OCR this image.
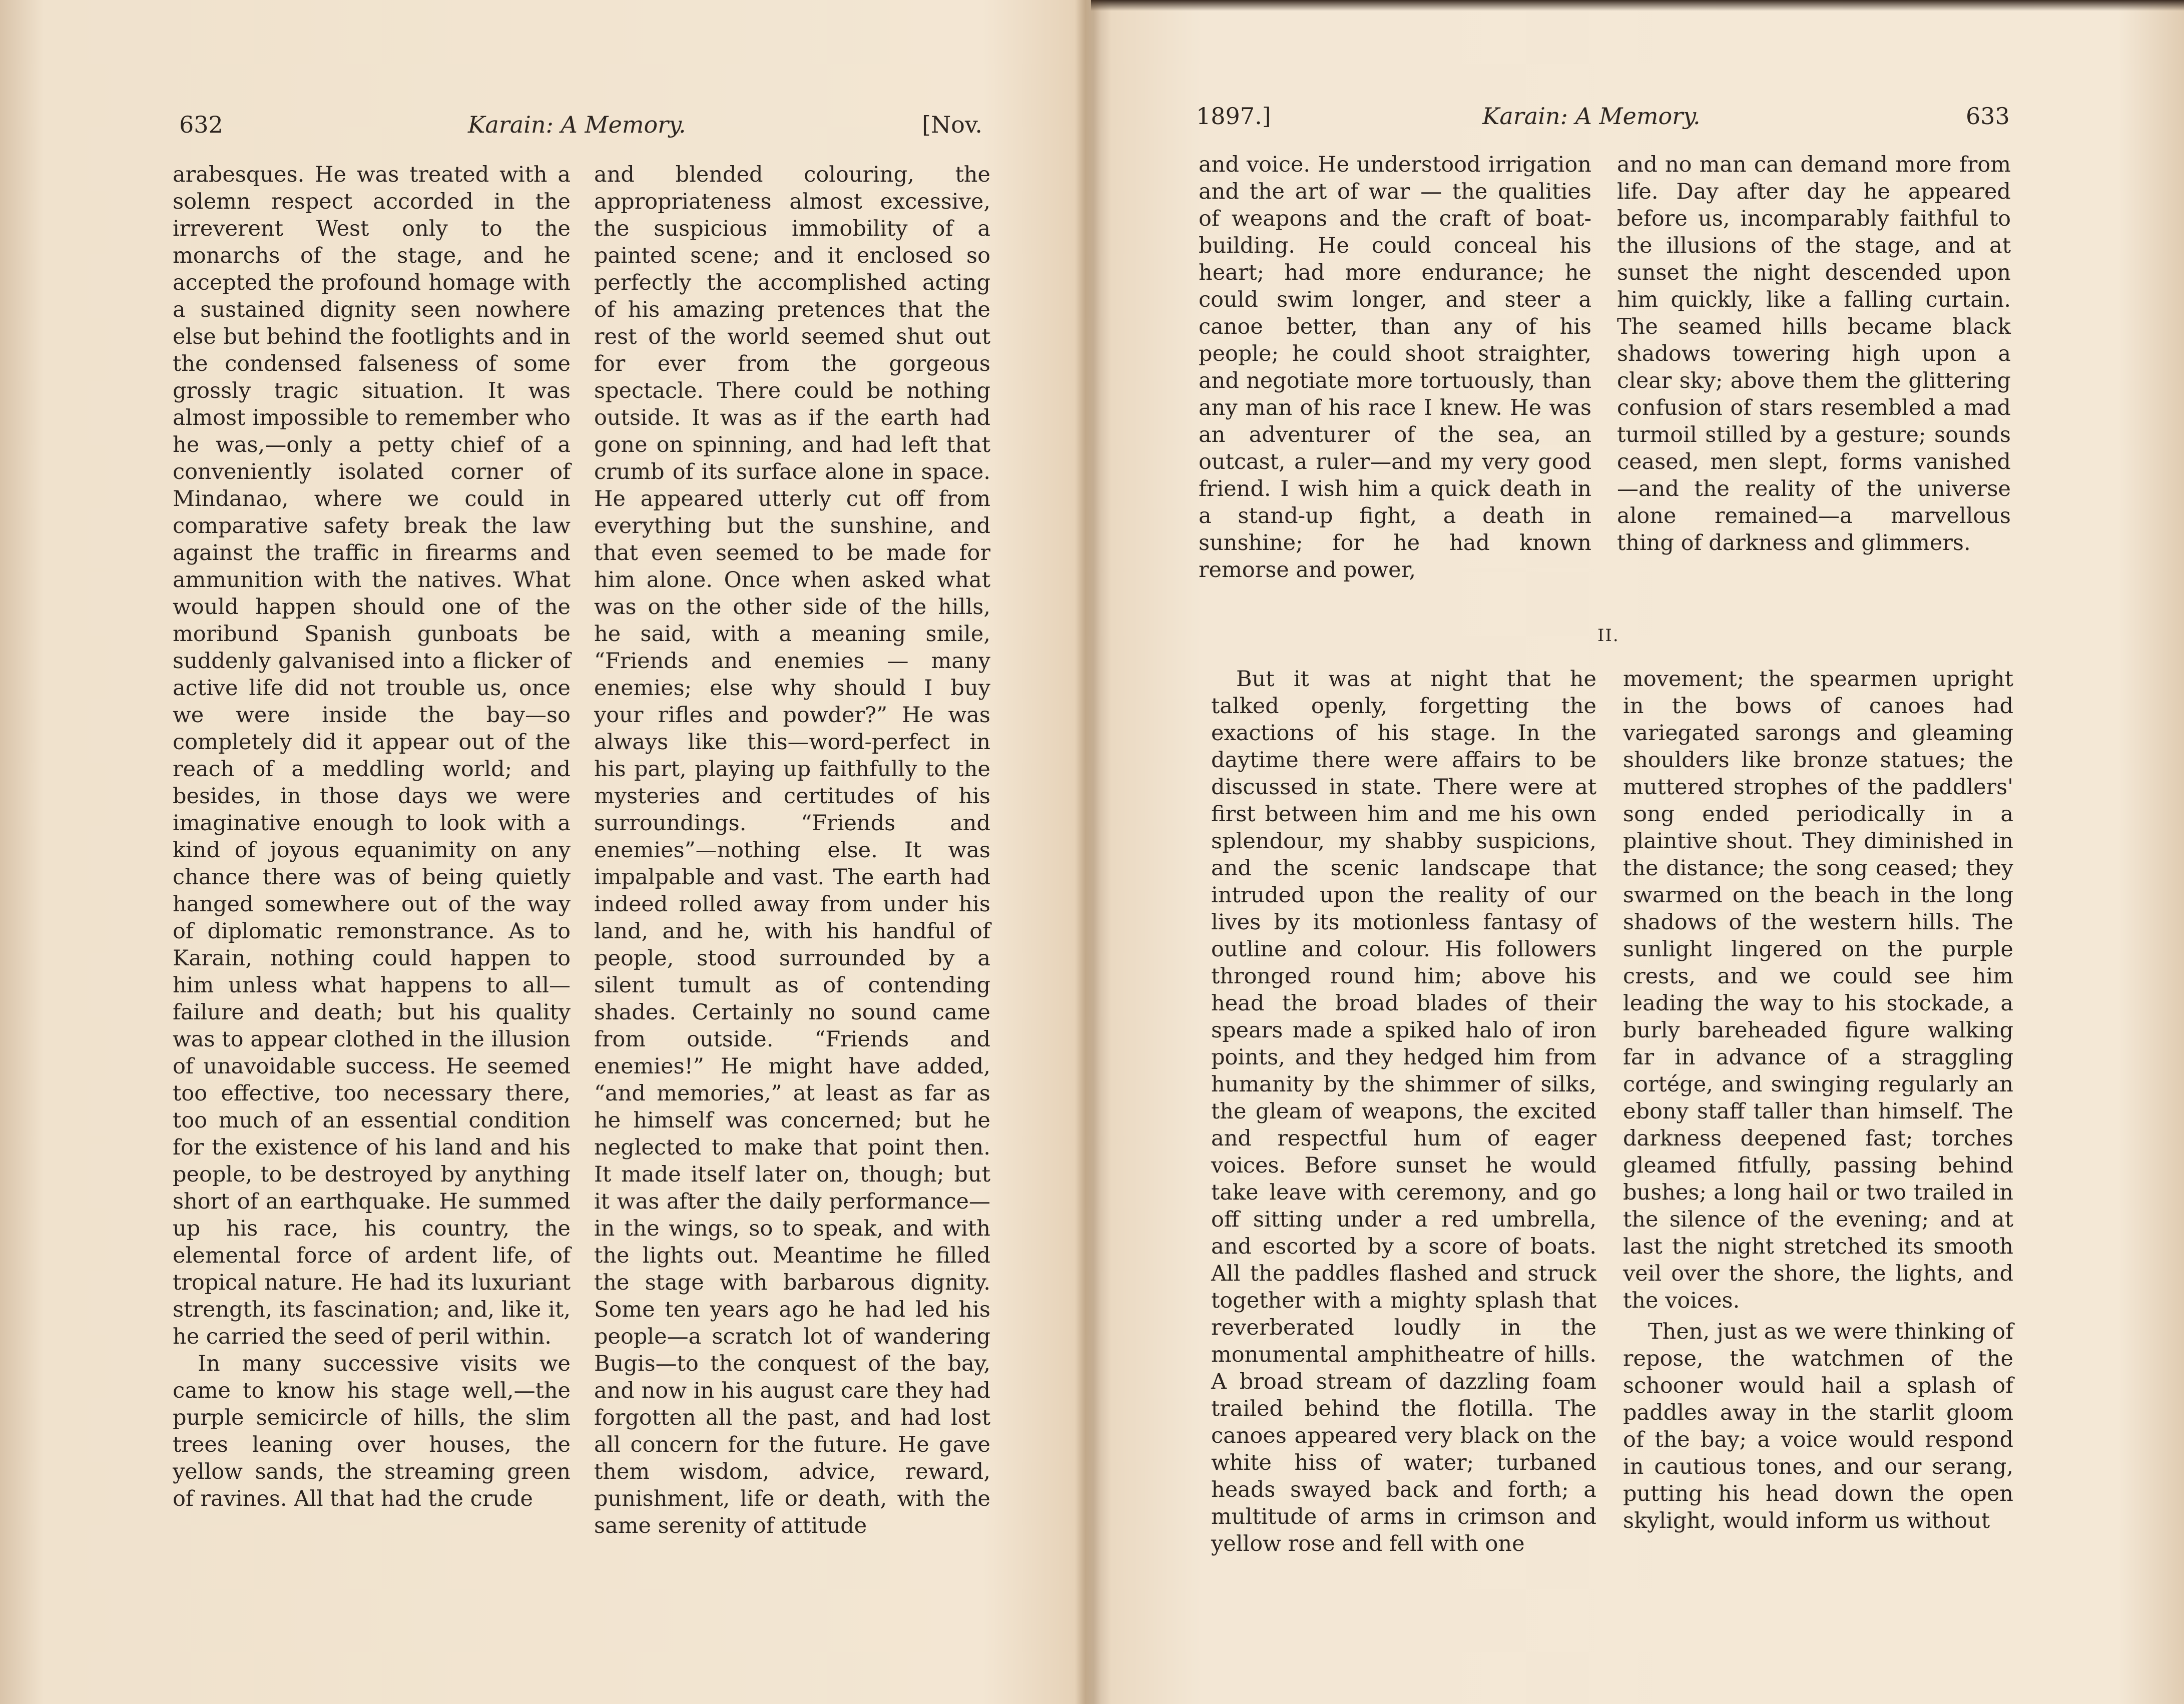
632	Karain: A Memory.	[Nov.

arabesques. He was treated with a solemn respect accorded in the irreverent West only to the monarchs of the stage, and he accepted the profound homage with a sustained dignity seen nowhere else but behind the footlights and in the condensed falseness of some grossly tragic situation. It was almost impossible to remember who he was,—only a petty chief of a conveniently isolated corner of Mindanao, where we could in comparative safety break the law against the traffic in firearms and ammunition with the natives. What would happen should one of the moribund Spanish gunboats be suddenly galvanised into a flicker of active life did not trouble us, once we were inside the bay—so completely did it appear out of the reach of a meddling world; and besides, in those days we were imaginative enough to look with a kind of joyous equanimity on any chance there was of being quietly hanged somewhere out of the way of diplomatic remonstrance. As to Karain, nothing could happen to him unless what happens to all—failure and death; but his quality was to appear clothed in the illusion of unavoidable success. He seemed too effective, too necessary there, too much of an essential condition for the existence of his land and his people, to be destroyed by anything short of an earthquake. He summed up his race, his country, the elemental force of ardent life, of tropical nature. He had its luxuriant strength, its fascination; and, like it, he carried the seed of peril within.

In many successive visits we came to know his stage well,—the purple semicircle of hills, the slim trees leaning over houses, the yellow sands, the streaming green of ravines. All that had the crude

and blended colouring, the appropriateness almost excessive, the suspicious immobility of a painted scene; and it enclosed so perfectly the accomplished acting of his amazing pretences that the rest of the world seemed shut out for ever from the gorgeous spectacle. There could be nothing outside. It was as if the earth had gone on spinning, and had left that crumb of its surface alone in space. He appeared utterly cut off from everything but the sunshine, and that even seemed to be made for him alone. Once when asked what was on the other side of the hills, he said, with a meaning smile, “Friends and enemies — many enemies; else why should I buy your rifles and powder?” He was always like this—word-perfect in his part, playing up faithfully to the mysteries and certitudes of his surroundings. “Friends and enemies”—nothing else. It was impalpable and vast. The earth had indeed rolled away from under his land, and he, with his handful of people, stood surrounded by a silent tumult as of contending shades. Certainly no sound came from outside. “Friends and enemies!” He might have added, “and memories,” at least as far as he himself was concerned; but he neglected to make that point then. It made itself later on, though; but it was after the daily performance—in the wings, so to speak, and with the lights out. Meantime he filled the stage with barbarous dignity. Some ten years ago he had led his people—a scratch lot of wandering Bugis—to the conquest of the bay, and now in his august care they had forgotten all the past, and had lost all concern for the future. He gave them wisdom, advice, reward, punishment, life or death, with the same serenity of attitude

1897.]	Karain: A Memory.	633

and voice. He understood irrigation and the art of war — the qualities of weapons and the craft of boat-building. He could conceal his heart; had more endurance; he could swim longer, and steer a canoe better, than any of his people; he could shoot straighter, and negotiate more tortuously, than any man of his race I knew. He was an adventurer of the sea, an outcast, a ruler—and my very good friend. I wish him a quick death in a stand-up fight, a death in sunshine; for he had known remorse and power,

and no man can demand more from life. Day after day he appeared before us, incomparably faithful to the illusions of the stage, and at sunset the night descended upon him quickly, like a falling curtain. The seamed hills became black shadows towering high upon a clear sky; above them the glittering confusion of stars resembled a mad turmoil stilled by a gesture; sounds ceased, men slept, forms vanished—and the reality of the universe alone remained—a marvellous thing of darkness and glimmers.

II.

But it was at night that he talked openly, forgetting the exactions of his stage. In the daytime there were affairs to be discussed in state. There were at first between him and me his own splendour, my shabby suspicions, and the scenic landscape that intruded upon the reality of our lives by its motionless fantasy of outline and colour. His followers thronged round him; above his head the broad blades of their spears made a spiked halo of iron points, and they hedged him from humanity by the shimmer of silks, the gleam of weapons, the excited and respectful hum of eager voices. Before sunset he would take leave with ceremony, and go off sitting under a red umbrella, and escorted by a score of boats. All the paddles flashed and struck together with a mighty splash that reverberated loudly in the monumental amphitheatre of hills. A broad stream of dazzling foam trailed behind the flotilla. The canoes appeared very black on the white hiss of water; turbaned heads swayed back and forth; a multitude of arms in crimson and yellow rose and fell with one

movement; the spearmen upright in the bows of canoes had variegated sarongs and gleaming shoulders like bronze statues; the muttered strophes of the paddlers' song ended periodically in a plaintive shout. They diminished in the distance; the song ceased; they swarmed on the beach in the long shadows of the western hills. The sunlight lingered on the purple crests, and we could see him leading the way to his stockade, a burly bareheaded figure walking far in advance of a straggling cortége, and swinging regularly an ebony staff taller than himself. The darkness deepened fast; torches gleamed fitfully, passing behind bushes; a long hail or two trailed in the silence of the evening; and at last the night stretched its smooth veil over the shore, the lights, and the voices.

Then, just as we were thinking of repose, the watchmen of the schooner would hail a splash of paddles away in the starlit gloom of the bay; a voice would respond in cautious tones, and our serang, putting his head down the open skylight, would inform us without
